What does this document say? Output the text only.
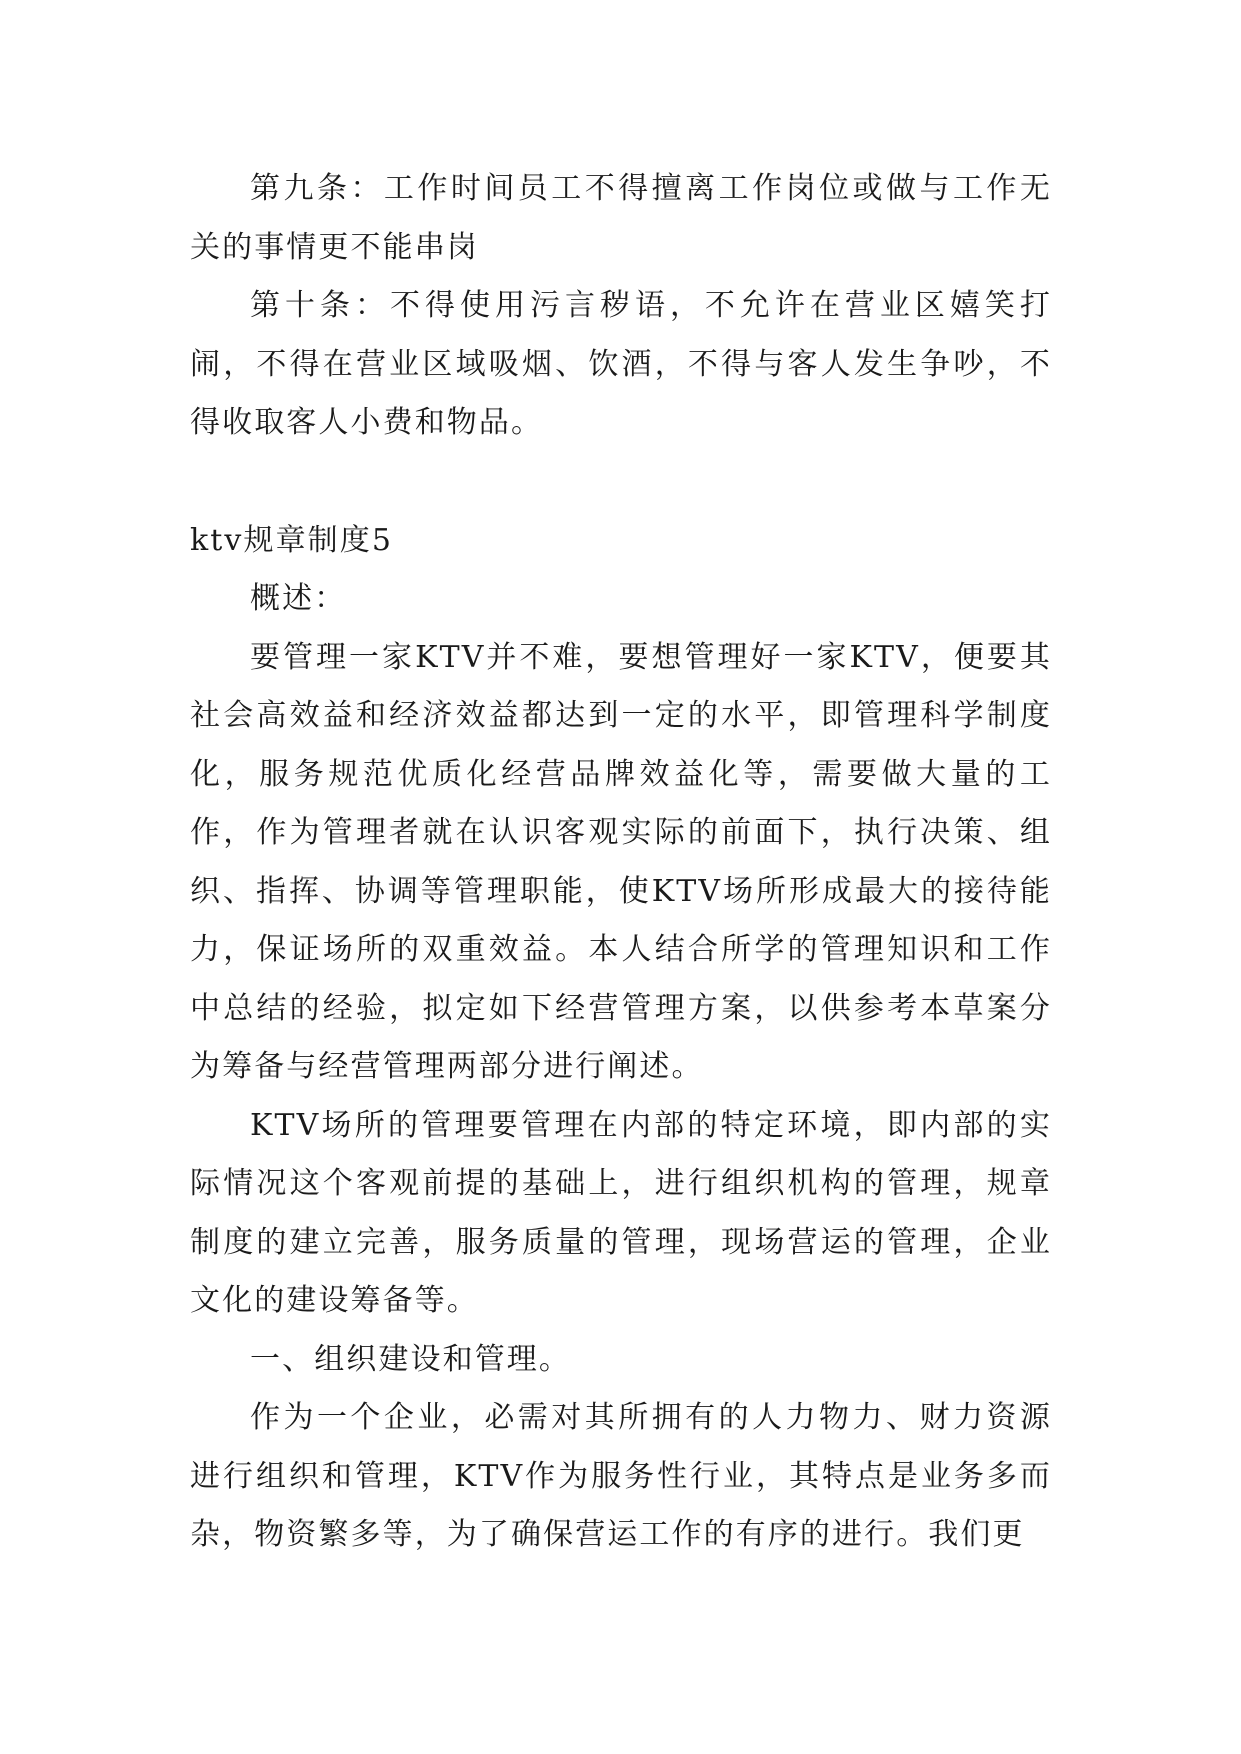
第九条：工作时间员工不得擅离工作岗位或做与工作无关的事情更不能串岗

第十条：不得使用污言秽语，不允许在营业区嬉笑打闹，不得在营业区域吸烟、饮酒，不得与客人发生争吵，不得收取客人小费和物品。

ktv规章制度5

概述：

要管理一家KTV并不难，要想管理好一家KTV，便要其社会高效益和经济效益都达到一定的水平，即管理科学制度化，服务规范优质化经营品牌效益化等，需要做大量的工作，作为管理者就在认识客观实际的前面下，执行决策、组织、指挥、协调等管理职能，使KTV场所形成最大的接待能力，保证场所的双重效益。本人结合所学的管理知识和工作中总结的经验，拟定如下经营管理方案，以供参考本草案分为筹备与经营管理两部分进行阐述。

KTV场所的管理要管理在内部的特定环境，即内部的实际情况这个客观前提的基础上，进行组织机构的管理，规章制度的建立完善，服务质量的管理，现场营运的管理，企业文化的建设筹备等。

一、组织建设和管理。

作为一个企业，必需对其所拥有的人力物力、财力资源进行组织和管理，KTV作为服务性行业，其特点是业务多而杂，物资繁多等，为了确保营运工作的有序的进行。我们更
